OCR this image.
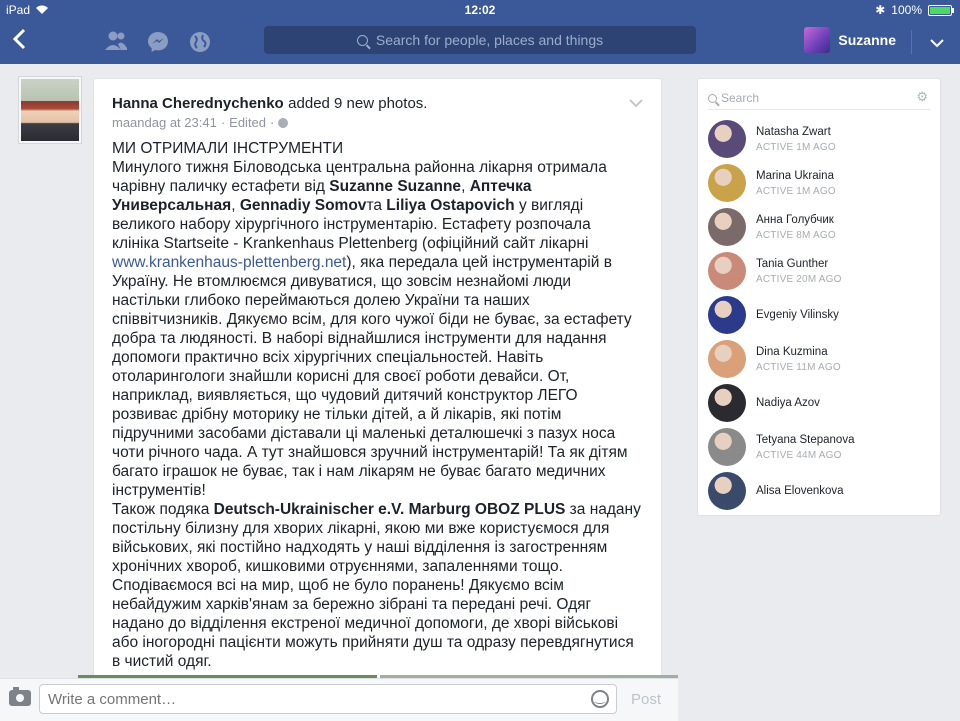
iPad	12:02	✱ 100%
Search for people, places and things	Suzanne
Hanna Cherednychenko added 9 new photos.
maandag at 23:41 · Edited ·

МИ ОТРИМАЛИ ІНСТРУМЕНТИ

Минулого тижня Біловодська центральна районна лікарня отримала чарівну паличку естафети від Suzanne Suzanne, Аптечка Универсальная, Gennadiy Somovта Liliya Ostapovich у вигляді великого набору хірургічного інструментарію. Естафету розпочала клініка Startseite - Krankenhaus Plettenberg (офіційний сайт лікарні www.krankenhaus-plettenberg.net), яка передала цей інструментарій в Україну. Не втомлюємся дивуватися, що зовсім незнайомі люди настільки глибоко переймаються долею України та наших співвітчизників. Дякуємо всім, для кого чужої біди не буває, за естафету добра та людяності. В наборі віднайшлися інструменти для надання допомоги практично всіх хірургічних спеціальностей. Навіть отоларингологи знайшли корисні для своєї роботи девайси. От, наприклад, виявляється, що чудовий дитячий конструктор ЛЕГО розвиває дрібну моторику не тільки дітей, а й лікарів, які потім підручними засобами діставали ці маленькі деталюшечкі з пазух носа чоти річного чада. А тут знайшовся зручний інструментарій! Та як дітям багато іграшок не буває, так і нам лікарям не буває багато медичних інструментів!

Також подяка Deutsch-Ukrainischer e.V. Marburg OBOZ PLUS за надану постільну білизну для хворих лікарні, якою ми вже користуємося для військових, які постійно надходять у наші відділення із загостренням хронічних хвороб, кишковими отруєннями, запаленнями тощо. Сподіваємося всі на мир, щоб не було поранень! Дякуємо всім небайдужим харків'янам за бережно зібрані та передані речі. Одяг надано до відділення екстреної медичної допомоги, де хворі військові або іногородні пацієнти можуть прийняти душ та одразу перевдягнутися в чистий одяг.

Search	⚙
Natasha Zwart
ACTIVE 1M AGO
Marina Ukraina
ACTIVE 1M AGO
Анна Голубчик
ACTIVE 8M AGO
Tania Gunther
ACTIVE 20M AGO
Evgeniy Vilinsky
Dina Kuzmina
ACTIVE 11M AGO
Nadiya Azov
Tetyana Stepanova
ACTIVE 44M AGO
Alisa Elovenkova
Write a comment…
‿
Post
